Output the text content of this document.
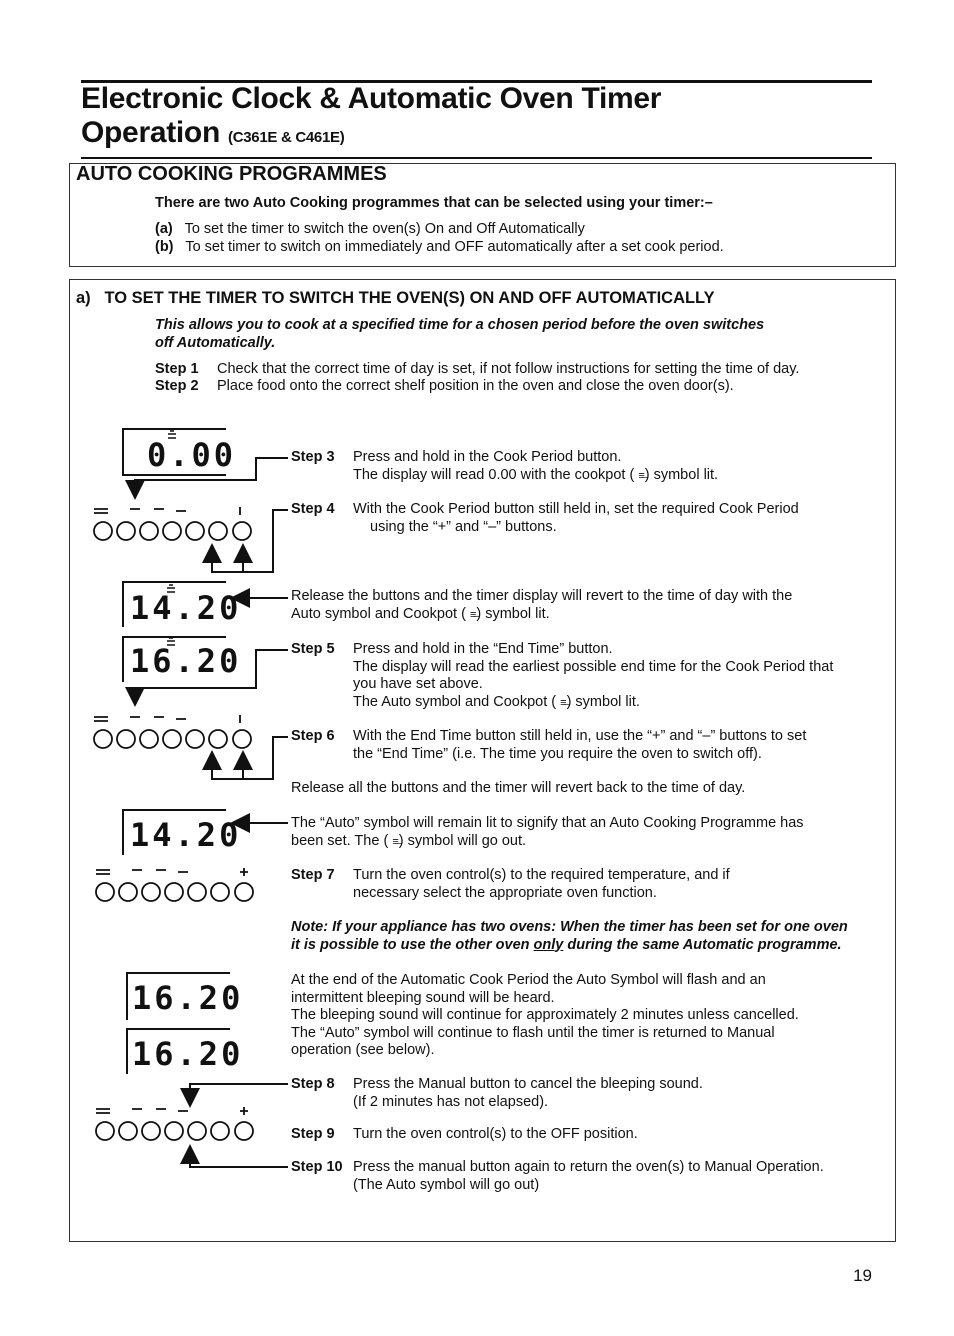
Electronic Clock & Automatic Oven Timer
Operation (C361E & C461E)
AUTO COOKING PROGRAMMES
There are two Auto Cooking programmes that can be selected using your timer:–
(a) To set the timer to switch the oven(s) On and Off Automatically
(b) To set timer to switch on immediately and OFF automatically after a set cook period.
a) TO SET THE TIMER TO SWITCH THE OVEN(S) ON AND OFF AUTOMATICALLY
This allows you to cook at a specified time for a chosen period before the oven switches
off Automatically.
Step 1 Check that the correct time of day is set, if not follow instructions for setting the time of day.
Step 2 Place food onto the correct shelf position in the oven and close the oven door(s).
Step 3 Press and hold in the Cook Period button.
The display will read 0.00 with the cookpot ( ≡̶) symbol lit.
Step 4 With the Cook Period button still held in, set the required Cook Period
using the “+” and “–” buttons.
Release the buttons and the timer display will revert to the time of day with the
Auto symbol and Cookpot ( ≡̶) symbol lit.
Step 5 Press and hold in the “End Time” button.
The display will read the earliest possible end time for the Cook Period that
you have set above.
The Auto symbol and Cookpot ( ≡̶) symbol lit.
Step 6 With the End Time button still held in, use the “+” and “–” buttons to set
the “End Time” (i.e. The time you require the oven to switch off).
Release all the buttons and the timer will revert back to the time of day.
The “Auto” symbol will remain lit to signify that an Auto Cooking Programme has
been set. The ( ≡̶) symbol will go out.
Step 7 Turn the oven control(s) to the required temperature, and if
necessary select the appropriate oven function.
Note: If your appliance has two ovens: When the timer has been set for one oven
it is possible to use the other oven only during the same Automatic programme.
At the end of the Automatic Cook Period the Auto Symbol will flash and an
intermittent bleeping sound will be heard.
The bleeping sound will continue for approximately 2 minutes unless cancelled.
The “Auto” symbol will continue to flash until the timer is returned to Manual
operation (see below).
Step 8 Press the Manual button to cancel the bleeping sound.
(If 2 minutes has not elapsed).
Step 9 Turn the oven control(s) to the OFF position.
Step 10 Press the manual button again to return the oven(s) to Manual Operation.
(The Auto symbol will go out)
0.00
14.20
16.20
14.20
16.20
16.20
19
